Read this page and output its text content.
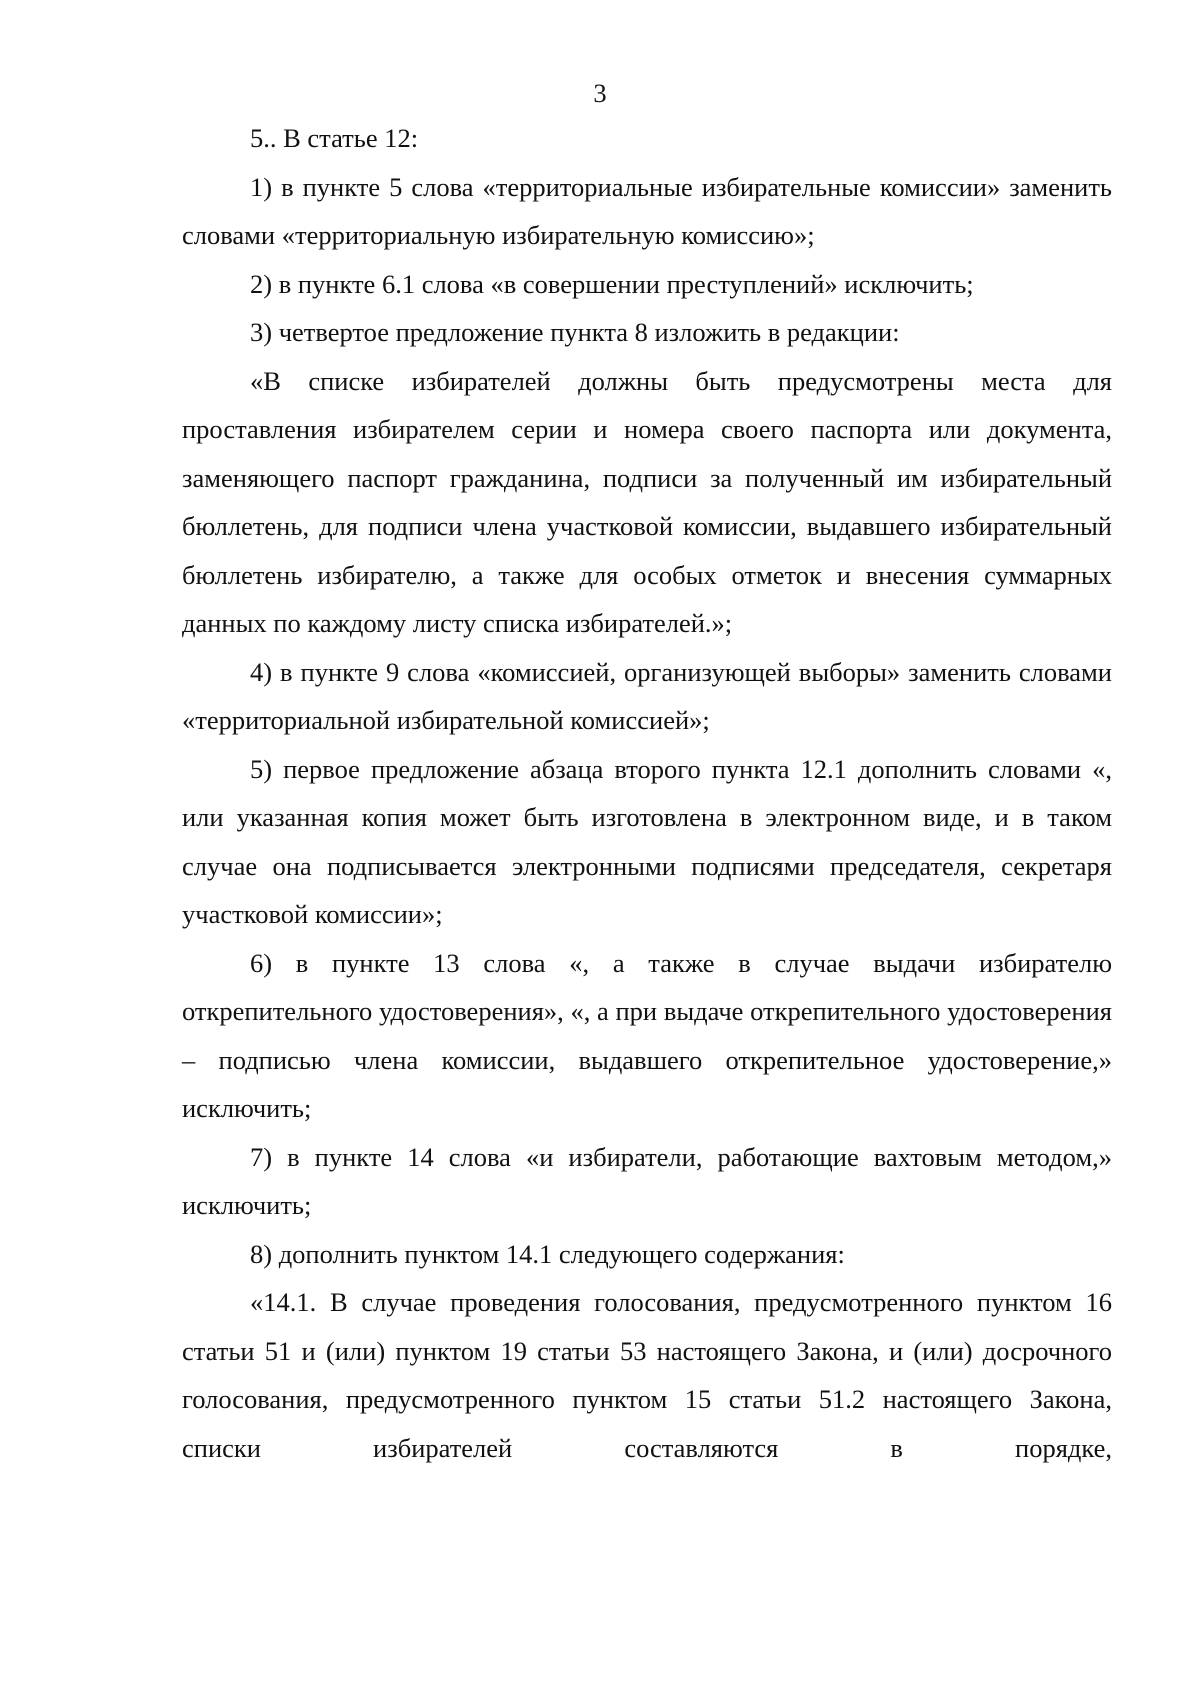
3

5.. В статье 12:

1) в пункте 5 слова «территориальные избирательные комиссии» заменить словами «территориальную избирательную комиссию»;

2) в пункте 6.1 слова «в совершении преступлений» исключить;

3) четвертое предложение пункта 8 изложить в редакции:

«В списке избирателей должны быть предусмотрены места для проставления избирателем серии и номера своего паспорта или документа, заменяющего паспорт гражданина, подписи за полученный им избирательный бюллетень, для подписи члена участковой комиссии, выдавшего избирательный бюллетень избирателю, а также для особых отметок и внесения суммарных данных по каждому листу списка избирателей.»;

4) в пункте 9 слова «комиссией, организующей выборы» заменить словами «территориальной избирательной комиссией»;

5) первое предложение абзаца второго пункта 12.1 дополнить словами «, или указанная копия может быть изготовлена в электронном виде, и в таком случае она подписывается электронными подписями председателя, секретаря участковой комиссии»;

6) в пункте 13 слова «, а также в случае выдачи избирателю открепительного удостоверения», «, а при выдаче открепительного удостоверения – подписью члена комиссии, выдавшего открепительное удостоверение,» исключить;

7) в пункте 14 слова «и избиратели, работающие вахтовым методом,» исключить;

8) дополнить пунктом 14.1 следующего содержания:

«14.1. В случае проведения голосования, предусмотренного пунктом 16 статьи 51 и (или) пунктом 19 статьи 53 настоящего Закона, и (или) досрочного голосования, предусмотренного пунктом 15 статьи 51.2 настоящего Закона, списки избирателей составляются в порядке,
